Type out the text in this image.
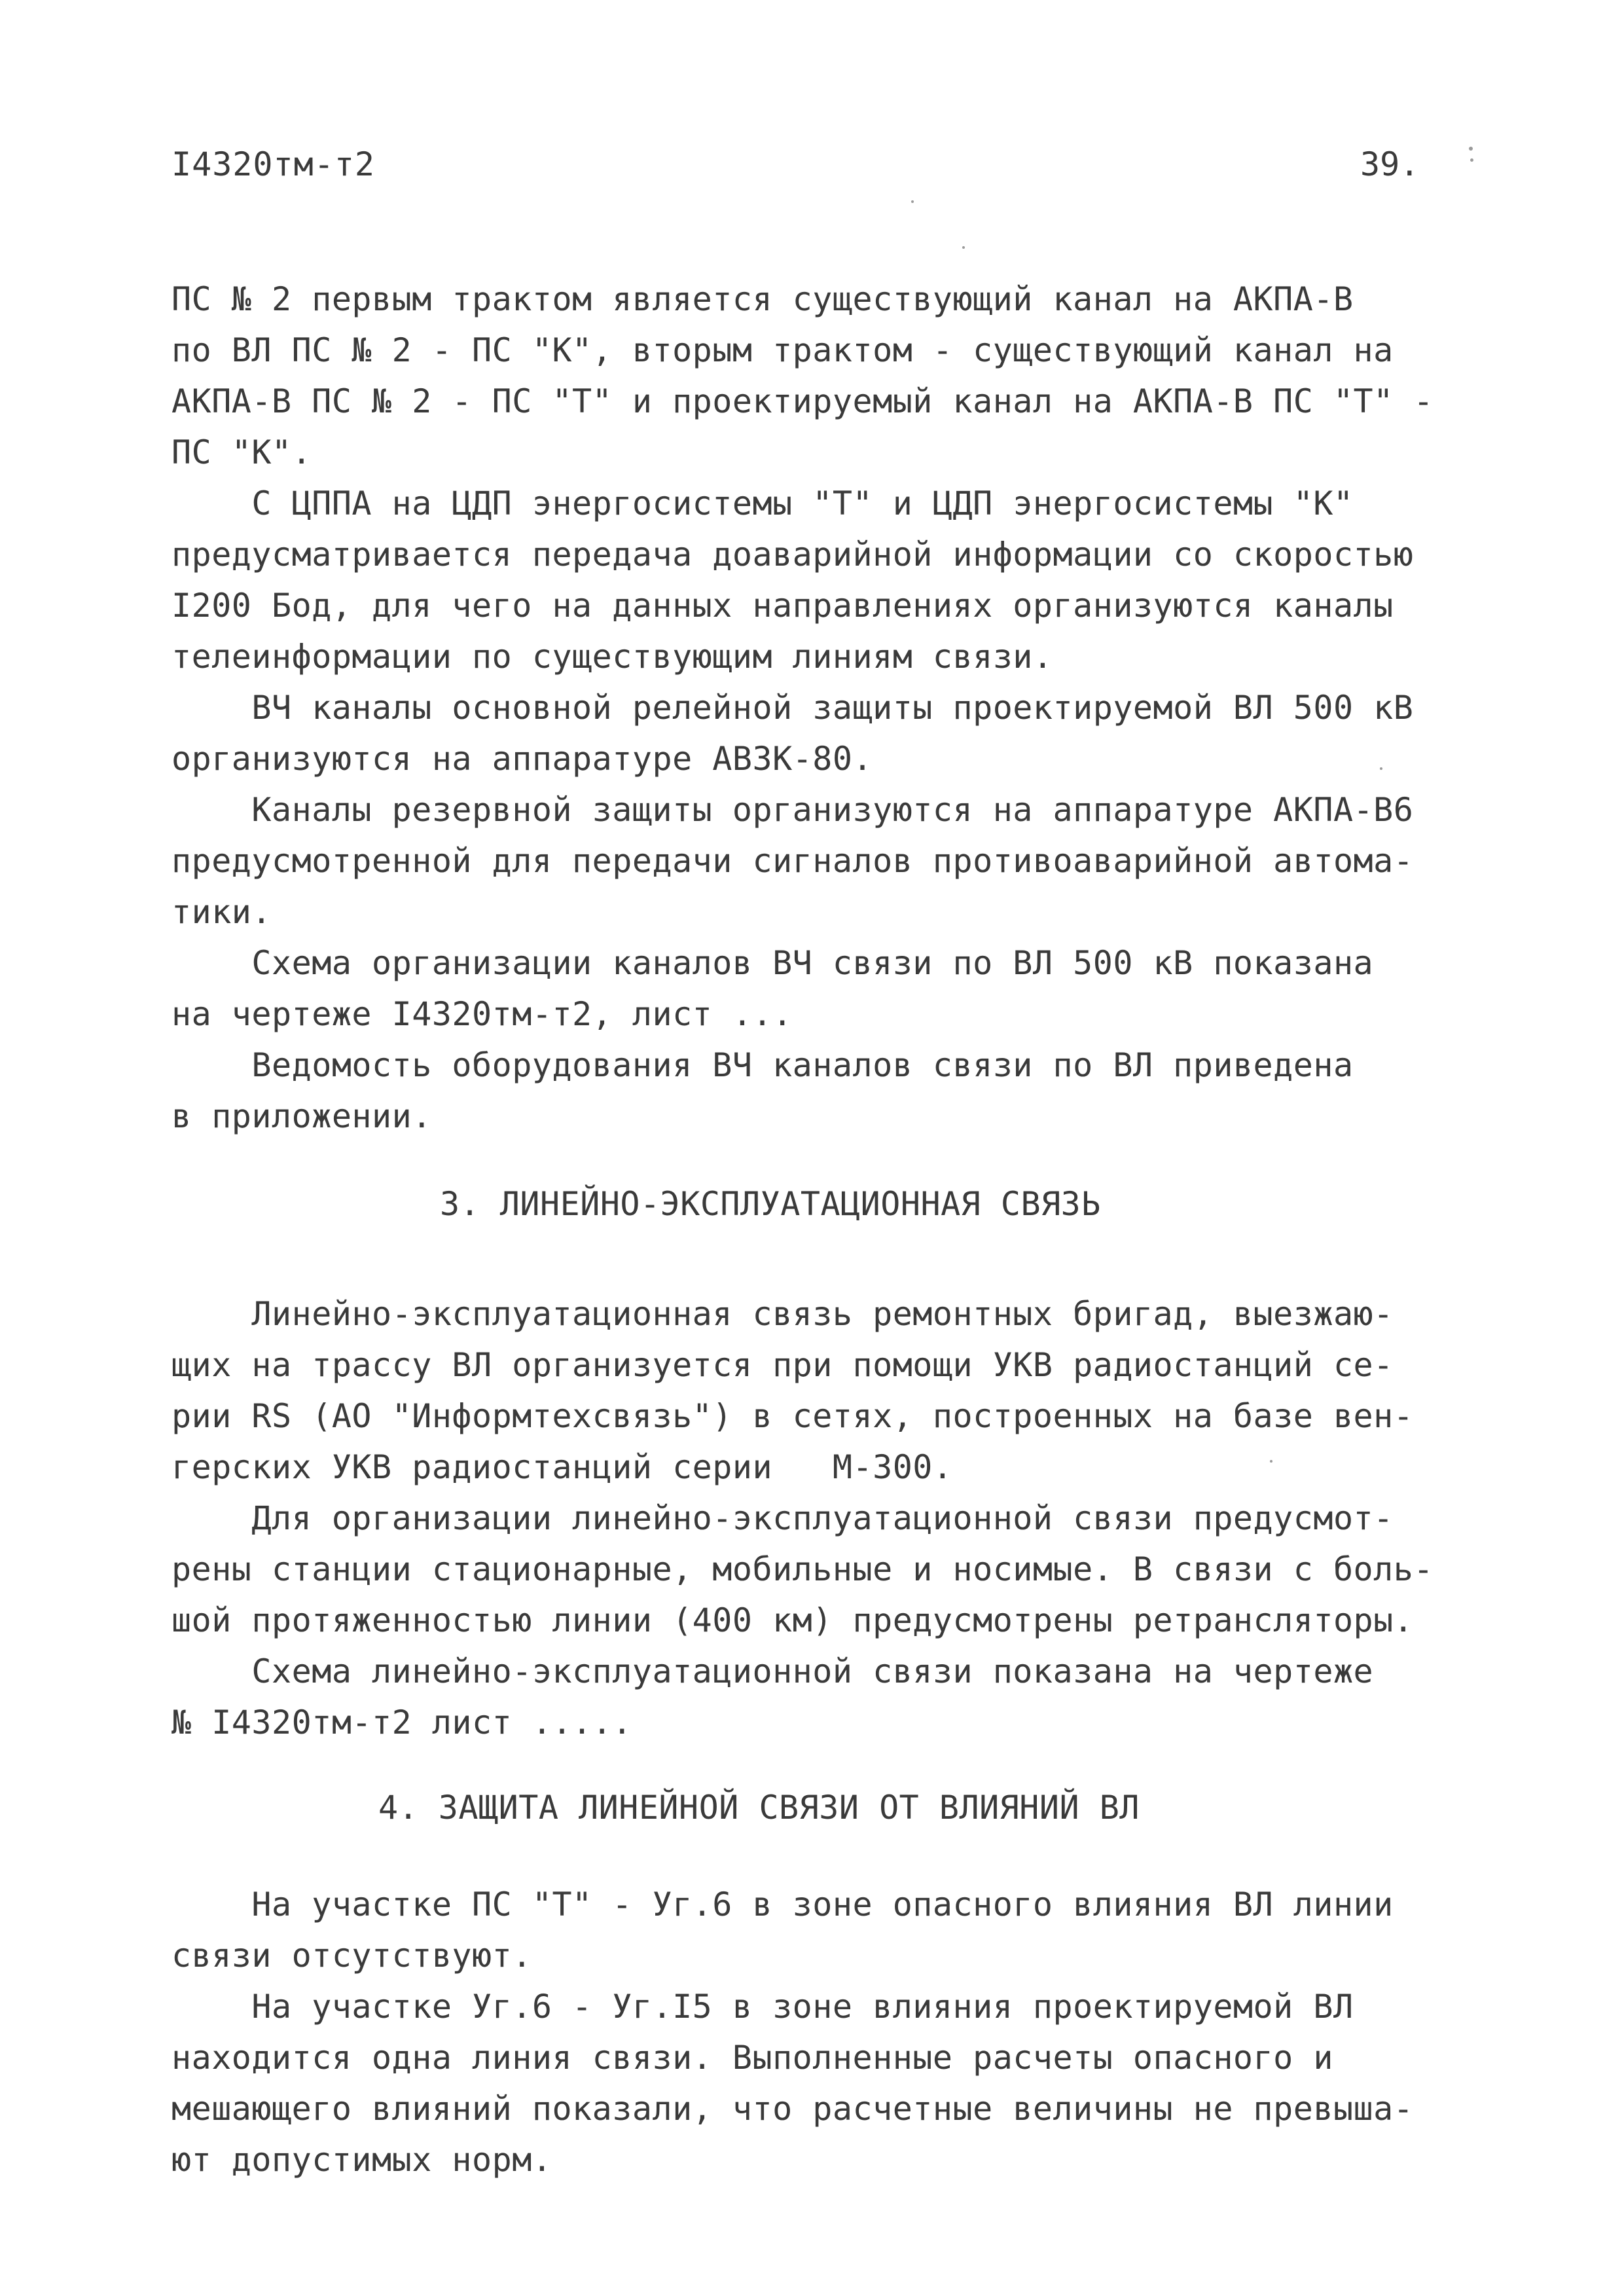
I4320тм-т2	39.
ПС № 2 первым трактом является существующий канал на АКПА-В
по ВЛ ПС № 2 - ПС "К", вторым трактом - существующий канал на
АКПА-В ПС № 2 - ПС "Т" и проектируемый канал на АКПА-В ПС "Т" -
ПС "К".
С ЦППА на ЦДП энергосистемы "Т" и ЦДП энергосистемы "К"
предусматривается передача доаварийной информации со скоростью
I200 Бод, для чего на данных направлениях организуются каналы
телеинформации по существующим линиям связи.
ВЧ каналы основной релейной защиты проектируемой ВЛ 500 кВ
организуются на аппаратуре АВЗК-80.
Каналы резервной защиты организуются на аппаратуре АКПА-В6
предусмотренной для передачи сигналов противоаварийной автома-
тики.
Схема организации каналов ВЧ связи по ВЛ 500 кВ показана
на чертеже I4320тм-т2, лист ...
Ведомость оборудования ВЧ каналов связи по ВЛ приведена
в приложении.
3. ЛИНЕЙНО-ЭКСПЛУАТАЦИОННАЯ СВЯЗЬ
Линейно-эксплуатационная связь ремонтных бригад, выезжаю-
щих на трассу ВЛ организуется при помощи УКВ радиостанций се-
рии RS (АО "Информтехсвязь") в сетях, построенных на базе вен-
герских УКВ радиостанций серии   М-300.
Для организации линейно-эксплуатационной связи предусмот-
рены станции стационарные, мобильные и носимые. В связи с боль-
шой протяженностью линии (400 км) предусмотрены ретрансляторы.
Схема линейно-эксплуатационной связи показана на чертеже
№ I4320тм-т2 лист .....
4. ЗАЩИТА ЛИНЕЙНОЙ СВЯЗИ ОТ ВЛИЯНИЙ ВЛ
На участке ПС "Т" - Уг.6 в зоне опасного влияния ВЛ линии
связи отсутствуют.
На участке Уг.6 - Уг.I5 в зоне влияния проектируемой ВЛ
находится одна линия связи. Выполненные расчеты опасного и
мешающего влияний показали, что расчетные величины не превыша-
ют допустимых норм.
